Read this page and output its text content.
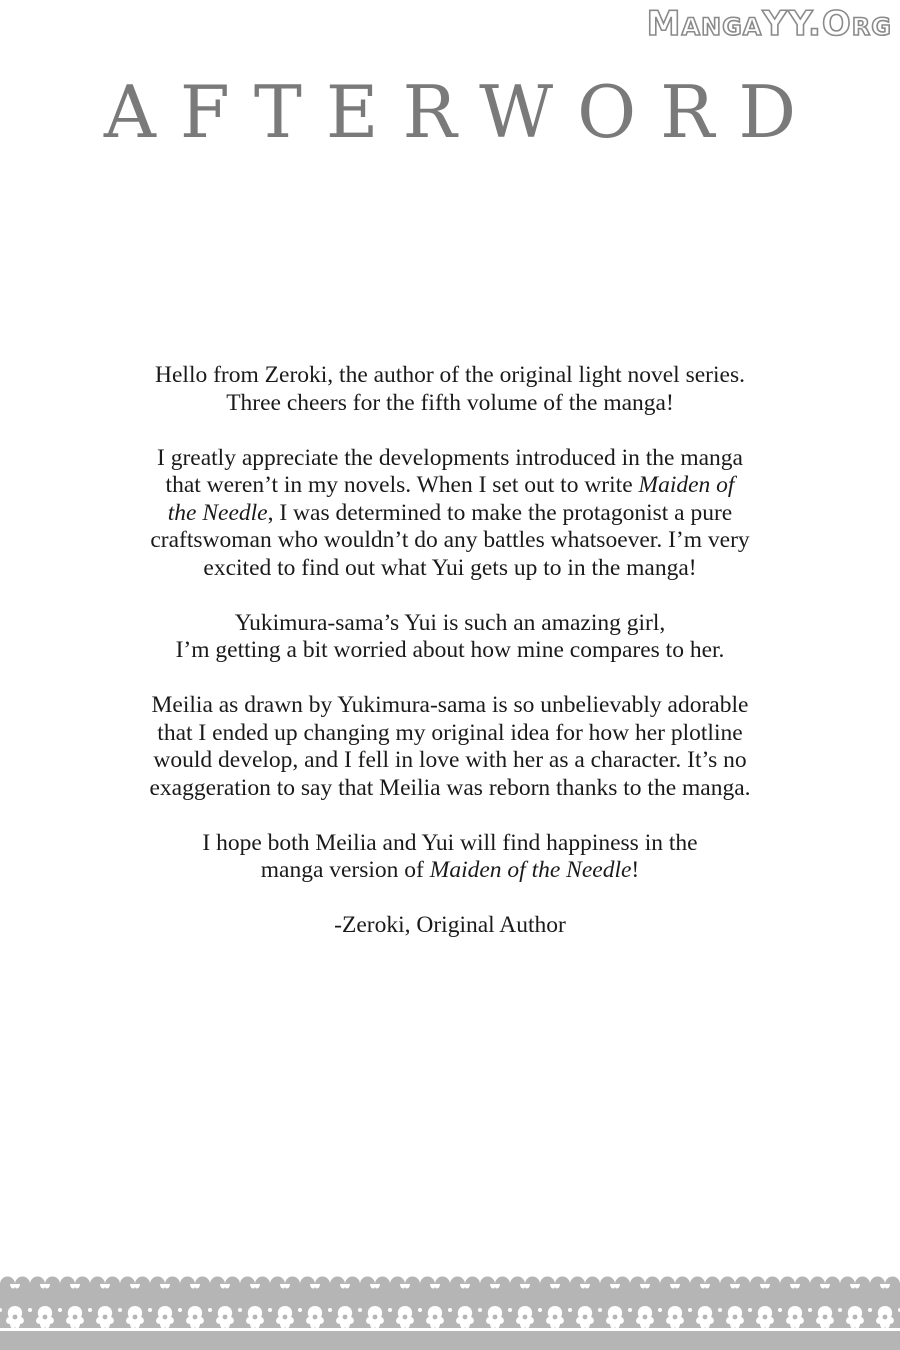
MangaYY.Org
AFTERWORD

Hello from Zeroki, the author of the original light novel series.
Three cheers for the fifth volume of the manga!

I greatly appreciate the developments introduced in the manga
that weren’t in my novels. When I set out to write Maiden of
the Needle, I was determined to make the protagonist a pure
craftswoman who wouldn’t do any battles whatsoever. I’m very
excited to find out what Yui gets up to in the manga!

Yukimura-sama’s Yui is such an amazing girl,
I’m getting a bit worried about how mine compares to her.

Meilia as drawn by Yukimura-sama is so unbelievably adorable
that I ended up changing my original idea for how her plotline
would develop, and I fell in love with her as a character. It’s no
exaggeration to say that Meilia was reborn thanks to the manga.

I hope both Meilia and Yui will find happiness in the
manga version of Maiden of the Needle!

-Zeroki, Original Author
